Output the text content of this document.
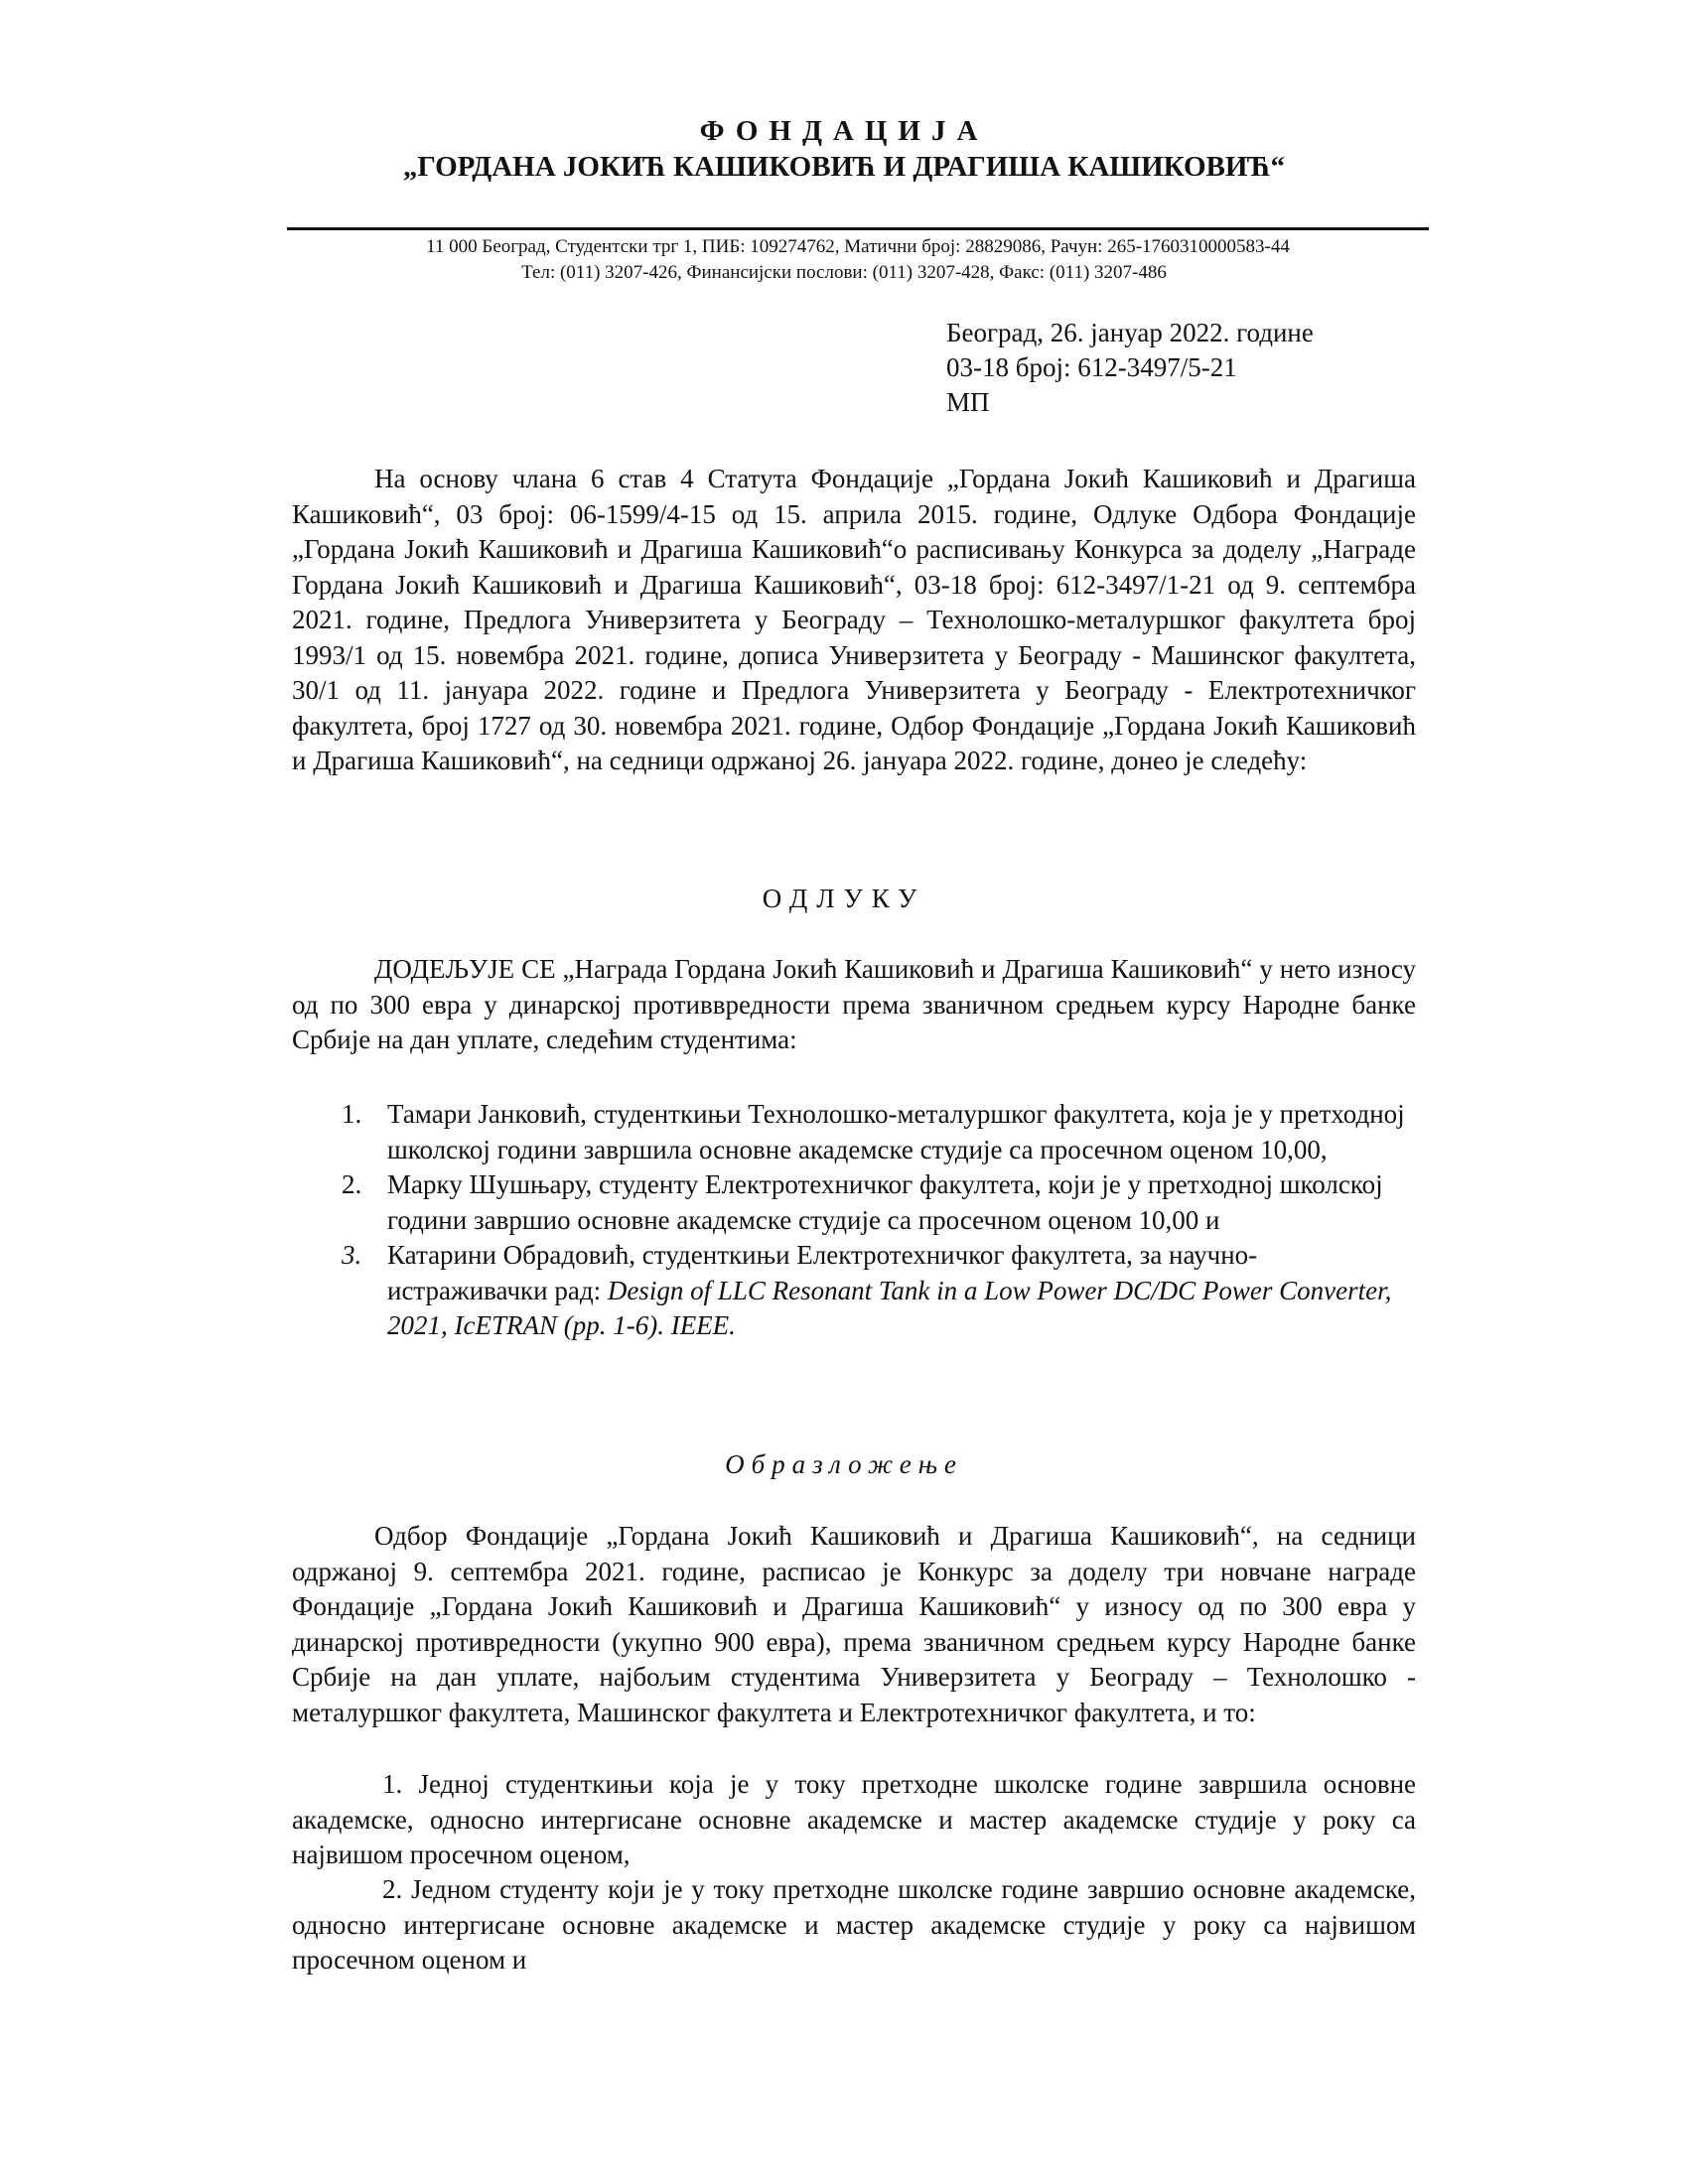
ФОНДАЦИЈА
„ГОРДАНА ЈОКИЋ КАШИКОВИЋ И ДРАГИША КАШИКОВИЋ“
11 000 Београд, Студентски трг 1, ПИБ: 109274762, Матични број: 28829086, Рачун: 265-1760310000583-44
Тел: (011) 3207-426, Финансијски послови: (011) 3207-428, Факс: (011) 3207-486
Београд, 26. јануар 2022. године
03-18 број: 612-3497/5-21
МП

На основу члана 6 став 4 Статута Фондације „Гордана Јокић Кашиковић и Драгиша Кашиковић“, 03 број: 06-1599/4-15 од 15. априла 2015. године, Одлуке Одбора Фондације „Гордана Јокић Кашиковић и Драгиша Кашиковић“о расписивању Конкурса за доделу „Награде Гордана Јокић Кашиковић и Драгиша Кашиковић“, 03-18 број: 612-3497/1-21 од 9. септембра 2021. године, Предлога Универзитета у Београду – Технолошко-металуршког факултета број 1993/1 од 15. новембра 2021. године, дописа Универзитета у Београду - Машинског факултета, 30/1 од 11. јануара 2022. године и Предлога Универзитета у Београду - Електротехничког факултета, број 1727 од 30. новембра 2021. године, Одбор Фондације „Гордана Јокић Кашиковић и Драгиша Кашиковић“, на седници одржаној 26. јануара 2022. године, донео је следећу:

ОДЛУКУ

ДОДЕЉУЈЕ СЕ „Награда Гордана Јокић Кашиковић и Драгиша Кашиковић“ у нето износу од по 300 евра у динарској противвредности према званичном средњем курсу Народне банке Србије на дан уплате, следећим студентима:

1. Тамари Јанковић, студенткињи Технолошко-металуршког факултета, која је у претходној школској години завршила основне академске студије са просечном оценом 10,00,
2. Марку Шушњару, студенту Електротехничког факултета, који је у претходној школској години завршио основне академске студије са просечном оценом 10,00 и
3. Катарини Обрадовић, студенткињи Електротехничког факултета, за научно-истраживачки рад: Design of LLC Resonant Tank in a Low Power DC/DC Power Converter, 2021, IcETRAN (pp. 1-6). IEEE.
Образложење

Одбор Фондације „Гордана Јокић Кашиковић и Драгиша Кашиковић“, на седници одржаној 9. септембра 2021. године, расписао је Конкурс за доделу три новчане награде Фондације „Гордана Јокић Кашиковић и Драгиша Кашиковић“ у износу од по 300 евра у динарској противредности (укупно 900 евра), према званичном средњем курсу Народне банке Србије на дан уплате, најбољим студентима Универзитета у Београду – Технолошко - металуршког факултета, Машинског факултета и Електротехничког факултета, и то:

1. Једној студенткињи која је у току претходне школске године завршила основне академске, односно интергисане основне академске и мастер академске студије у року са највишом просечном оценом,

2. Једном студенту који је у току претходне школске године завршио основне академске, односно интергисане основне академске и мастер академске студије у року са највишом просечном оценом и
